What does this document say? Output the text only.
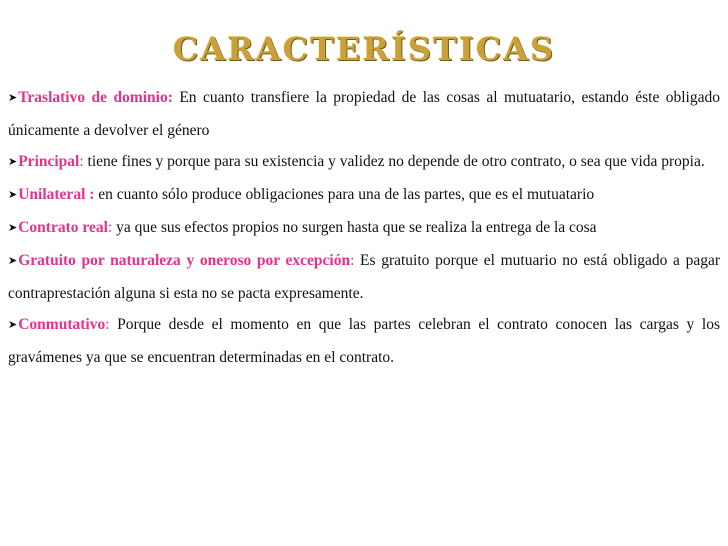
CARACTERÍSTICAS

➤Traslativo de dominio: En cuanto transfiere la propiedad de las cosas al mutuatario, estando éste obligado únicamente a devolver el género

➤Principal: tiene fines y porque para su existencia y validez no depende de otro contrato, o sea que vida propia.

➤Unilateral : en cuanto sólo produce obligaciones para una de las partes, que es el mutuatario

➤Contrato real: ya que sus efectos propios no surgen hasta que se realiza la entrega de la cosa

➤Gratuito por naturaleza y oneroso por excepción: Es gratuito porque el mutuario no está obligado a pagar contraprestación alguna si esta no se pacta expresamente.

➤Conmutativo: Porque desde el momento en que las partes celebran el contrato conocen las cargas y los gravámenes ya que se encuentran determinadas en el contrato.
